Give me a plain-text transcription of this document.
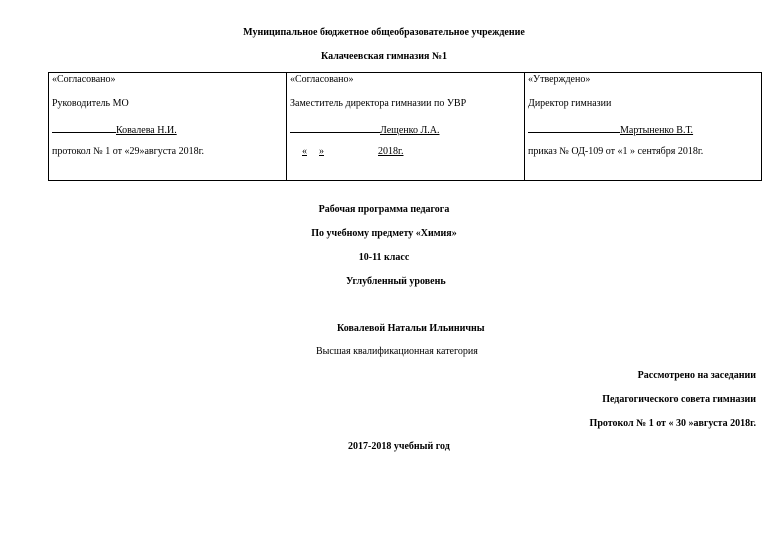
Муниципальное бюджетное общеобразовательное учреждение
Калачеевская гимназия №1
«Согласовано»
Руководитель МО
Ковалева Н.И.
протокол № 1 от «29»августа 2018г.

«Согласовано»
Заместитель директора гимназии по УВР
Лещенко Л.А.
« »	2018г.

«Утверждено»
Директор гимназии
Мартыненко В.Т.
приказ № ОД-109 от «1 » сентября 2018г.
Рабочая программа педагога
По учебному предмету «Химия»
10-11 класс
Углубленный уровень
Ковалевой Натальи Ильиничны
Высшая квалификационная категория
Рассмотрено на заседании
Педагогического совета гимназии
Протокол № 1 от « 30 »августа 2018г.
2017-2018 учебный год
